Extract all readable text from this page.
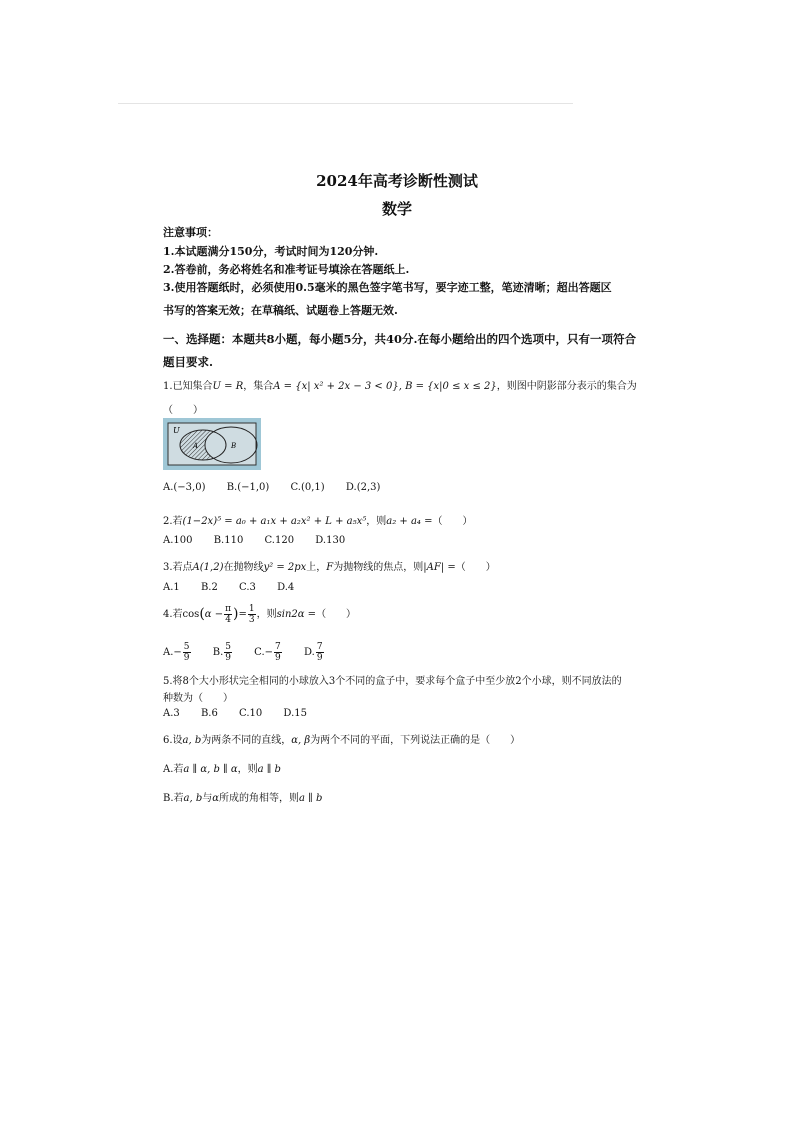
2024年高考诊断性测试
数学
注意事项：
1.本试题满分150分，考试时间为120分钟.
2.答卷前，务必将姓名和准考证号填涂在答题纸上.
3.使用答题纸时，必须使用0.5毫米的黑色签字笔书写，要字迹工整，笔迹清晰；超出答题区
书写的答案无效；在草稿纸、试题卷上答题无效.
一、选择题：本题共8小题，每小题5分，共40分.在每小题给出的四个选项中，只有一项符合
题目要求.
1.已知集合U = R，集合A = {x| x² + 2x − 3 < 0}, B = {x|0 ≤ x ≤ 2}，则图中阴影部分表示的集合为
（　　）
U
A	B
A.(−3,0) B.(−1,0) C.(0,1) D.(2,3)
2.若(1−2x)⁵ = a₀ + a₁x + a₂x² + L + a₅x⁵，则a₂ + a₄ =（　　）
A.100 B.110 C.120 D.130
3.若点A(1,2)在抛物线y² = 2px上，F为抛物线的焦点，则|AF| =（　　）
A.1 B.2 C.3 D.4
4.若$\cos(\alpha - \frac{\pi}{4}$ )= $\frac{1}{3}$ ，则sin2α =（　　）
$A.- \frac{5}{9} B$. $\frac{5}{9} C.- \frac{7}{9} D$. $\frac{7}{9}$
5.将8个大小形状完全相同的小球放入3个不同的盒子中，要求每个盒子中至少放2个小球，则不同放法的
种数为（　　）
A.3 B.6 C.10 D.15
6.设a, b为两条不同的直线，α, β为两个不同的平面，下列说法正确的是（　　）
A.若a ∥ α, b ∥ α，则a ∥ b
B.若a, b与α所成的角相等，则a ∥ b
